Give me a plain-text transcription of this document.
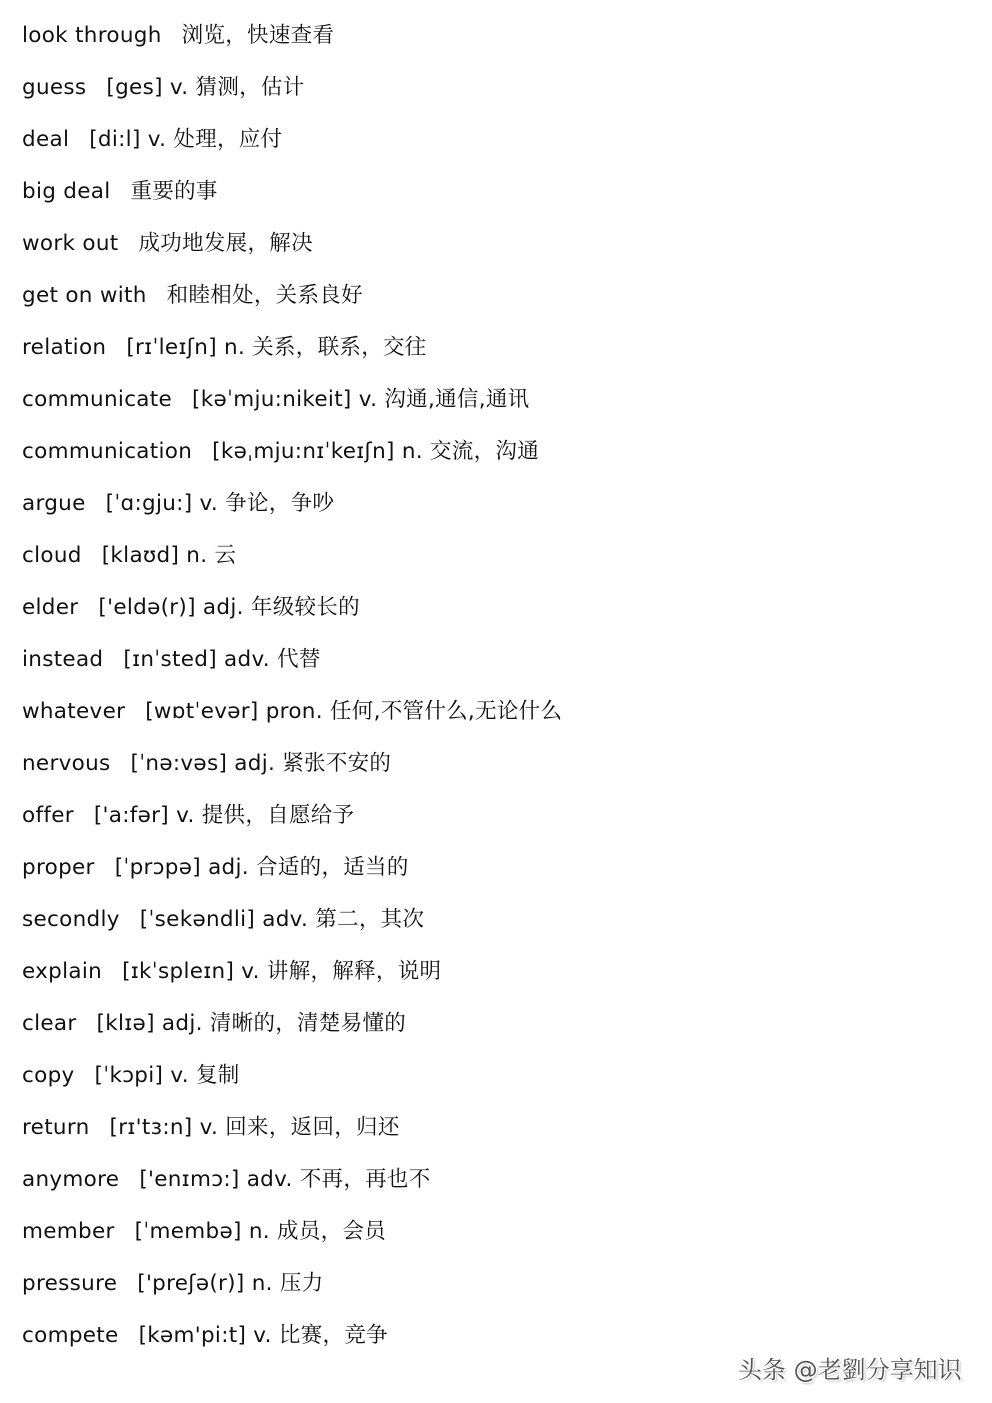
look through 浏览，快速查看
guess [ges] v. 猜测，估计
deal [di:l] v. 处理，应付
big deal 重要的事
work out 成功地发展，解决
get on with 和睦相处，关系良好
relation [rɪˈleɪʃn] n. 关系，联系，交往
communicate [kəˈmju:nikeit] v. 沟通,通信,通讯
communication [kəˌmju:nɪˈkeɪʃn] n. 交流，沟通
argue [ˈɑ:gju:] v. 争论，争吵
cloud [klaʊd] n. 云
elder ['eldə(r)] adj. 年级较长的
instead [ɪnˈsted] adv. 代替
whatever [wɒtˈevər] pron. 任何,不管什么,无论什么
nervous [ˈnə:vəs] adj. 紧张不安的
offer ['a:fər] v. 提供，自愿给予
proper [ˈprɔpə] adj. 合适的，适当的
secondly [ˈsekəndli] adv. 第二，其次
explain [ɪkˈspleɪn] v. 讲解，解释，说明
clear [klɪə] adj. 清晰的，清楚易懂的
copy [ˈkɔpi] v. 复制
return [rɪ'tɜ:n] v. 回来，返回，归还
anymore ['enɪmɔ:] adv. 不再，再也不
member [ˈmembə] n. 成员，会员
pressure ['preʃə(r)] n. 压力
compete [kəm'pi:t] v. 比赛，竞争
头条 @老劉分享知识
